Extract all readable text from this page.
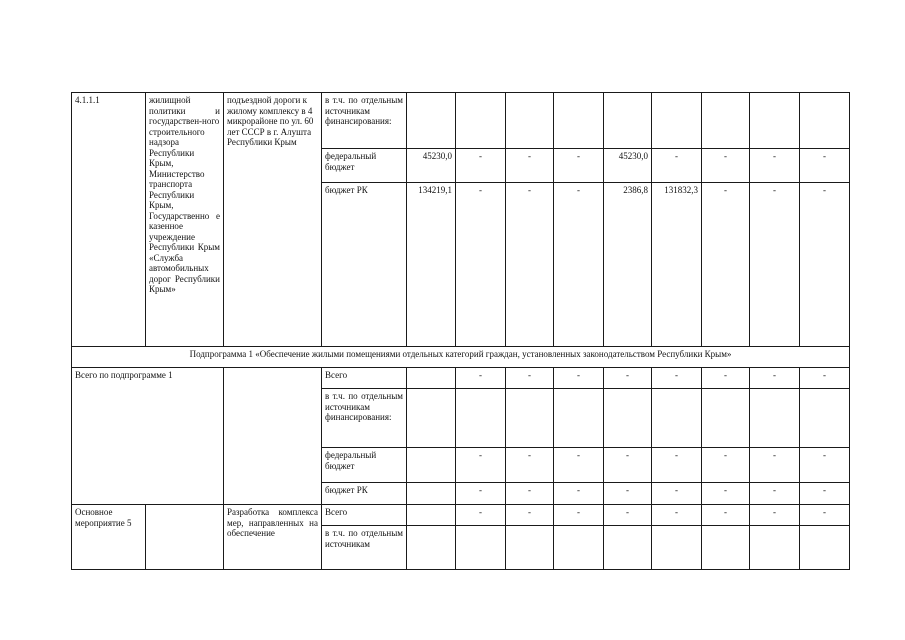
4.1.1.1	жилищной политики и государствен-ного строительного надзора Республики Крым, Министерство транспорта Республики Крым, Государственно е казенное учреждение Республики Крым «Служба автомобильных дорог Республики Крым»	подъездной дороги к жилому комплексу в 4 микрорайоне по ул. 60 лет СССР в г. Алушта Республики Крым	в т.ч. по отдельным источникам финансирования:									
			федеральный бюджет	45230,0	-	-	-	45230,0	-	-	-	-
			бюджет РК	134219,1	-	-	-	2386,8	131832,3	-	-	-
Подпрограмма 1 «Обеспечение жилыми помещениями отдельных категорий граждан, установленных законодательством Республики Крым»												
Всего по подпрограмме 1			Всего		-	-	-	-	-	-	-	-
			в т.ч. по отдельным источникам финансирования:									
			федеральный бюджет		-	-	-	-	-	-	-	-
			бюджет РК		-	-	-	-	-	-	-	-
Основное мероприятие 5		Разработка комплекса мер, направленных на обеспечение	Всего		-	-	-	-	-	-	-	-
			в т.ч. по отдельным источникам									
